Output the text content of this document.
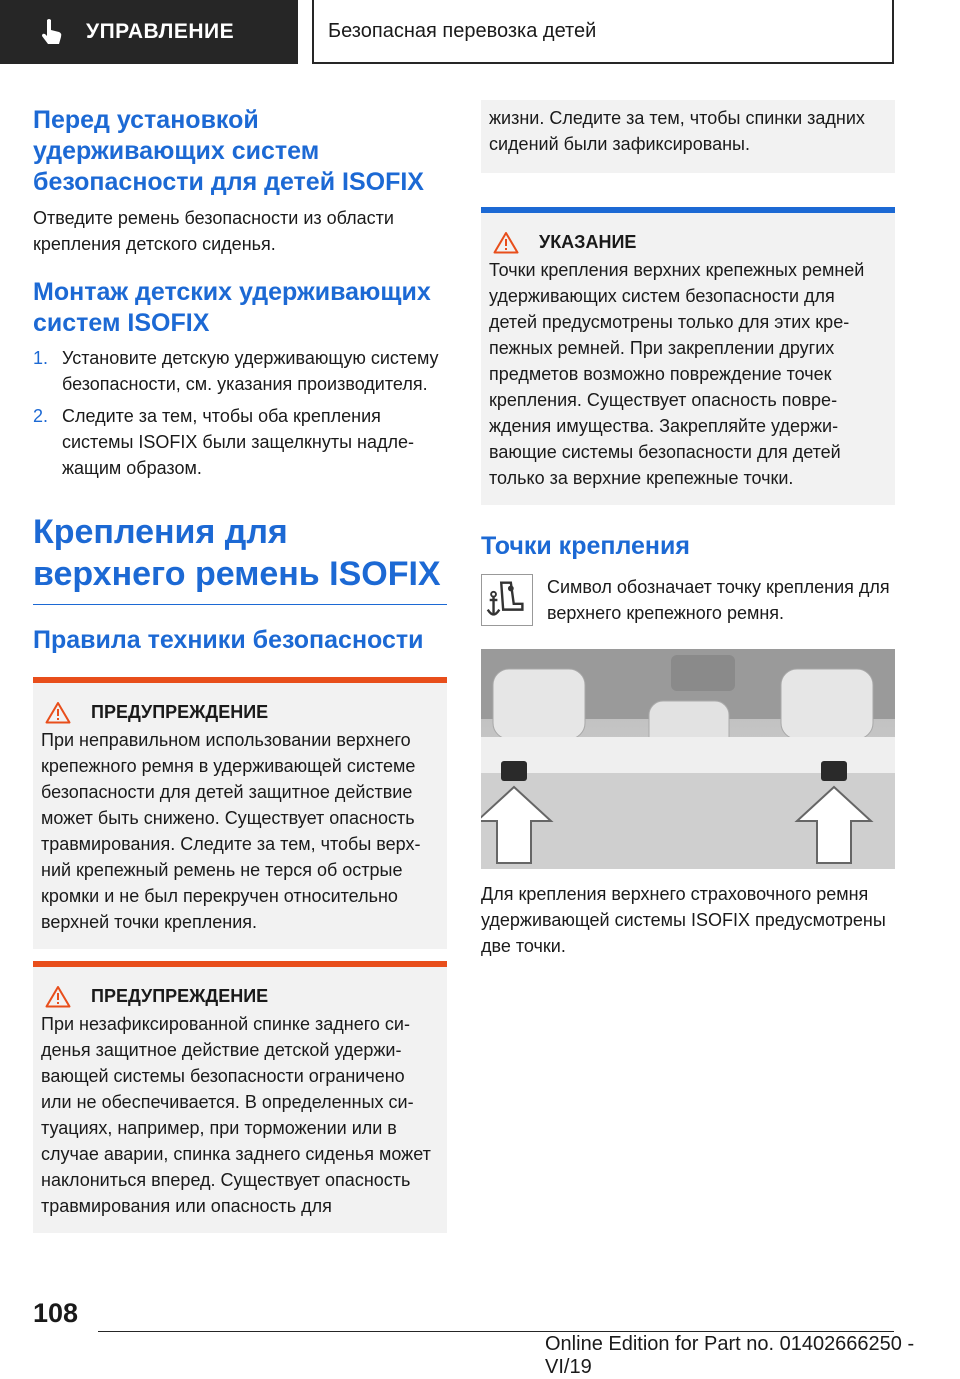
УПРАВЛЕНИЕ	Безопасная перевозка детей
Перед установкой удерживающих систем безопасности для детей ISOFIX

Отведите ремень безопасности из области крепления детского сиденья.

Монтаж детских удерживающих систем ISOFIX
1. Установите детскую удерживающую систему безопасности, см. указания производителя.
2. Следите за тем, чтобы оба крепления системы ISOFIX были защелкнуты надлежащим образом.
Крепления для верхнего ремень ISOFIX
Правила техники безопасности
ПРЕДУПРЕЖДЕНИЕ

При неправильном использовании верхнего крепежного ремня в удерживающей системе безопасности для детей защитное действие может быть снижено. Существует опасность травмирования. Следите за тем, чтобы верхний крепежный ремень не терся об острые кромки и не был перекручен относительно верхней точки крепления.

ПРЕДУПРЕЖДЕНИЕ

При незафиксированной спинке заднего сиденья защитное действие детской удерживающей системы безопасности ограничено или не обеспечивается. В определенных ситуациях, например, при торможении или в случае аварии, спинка заднего сиденья может наклониться вперед. Существует опасность травмирования или опасность для

жизни. Следите за тем, чтобы спинки задних сидений были зафиксированы.

УКАЗАНИЕ

Точки крепления верхних крепежных ремней удерживающих систем безопасности для детей предусмотрены только для этих крепежных ремней. При закреплении других предметов возможно повреждение точек крепления. Существует опасность повреждения имущества. Закрепляйте удерживающие системы безопасности для детей только за верхние крепежные точки.

Точки крепления

Символ обозначает точку крепления для верхнего крепежного ремня.

Для крепления верхнего страховочного ремня удерживающей системы ISOFIX предусмотрены две точки.

108
Online Edition for Part no. 01402666250 - VI/19
